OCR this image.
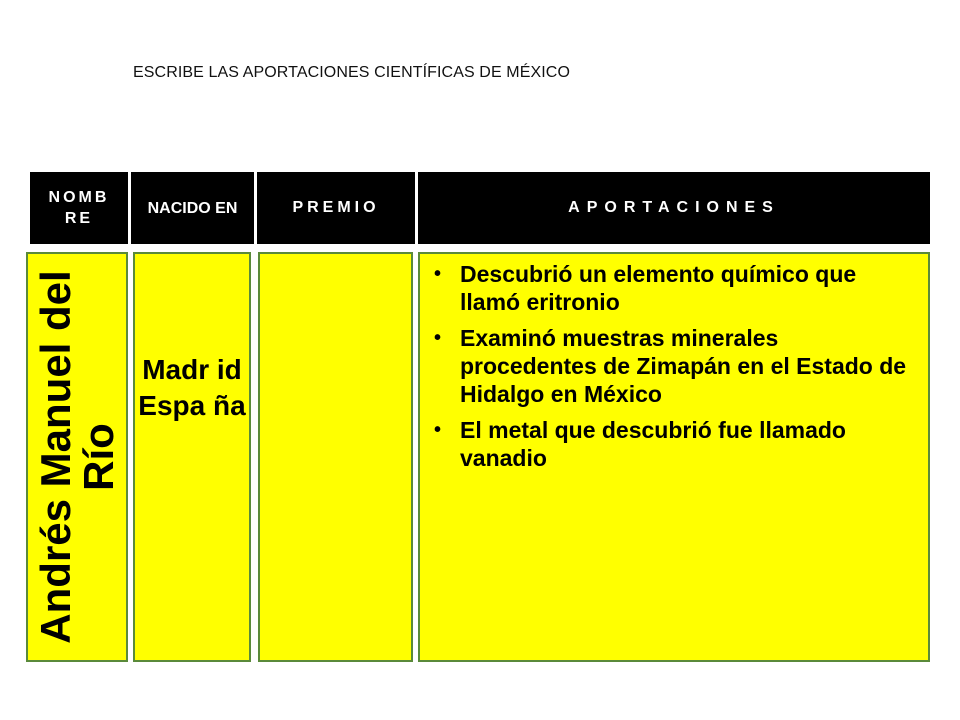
ESCRIBE LAS APORTACIONES CIENTÍFICAS DE MÉXICO
NOMB RE
NACIDO EN	PREMIO	APORTACIONES
Andrés Manuel del Río
Madr id Espa ña
• Descubrió un elemento químico que llamó eritronio
• Examinó muestras minerales procedentes de Zimapán en el Estado de Hidalgo en México
• El metal que descubrió fue llamado vanadio
